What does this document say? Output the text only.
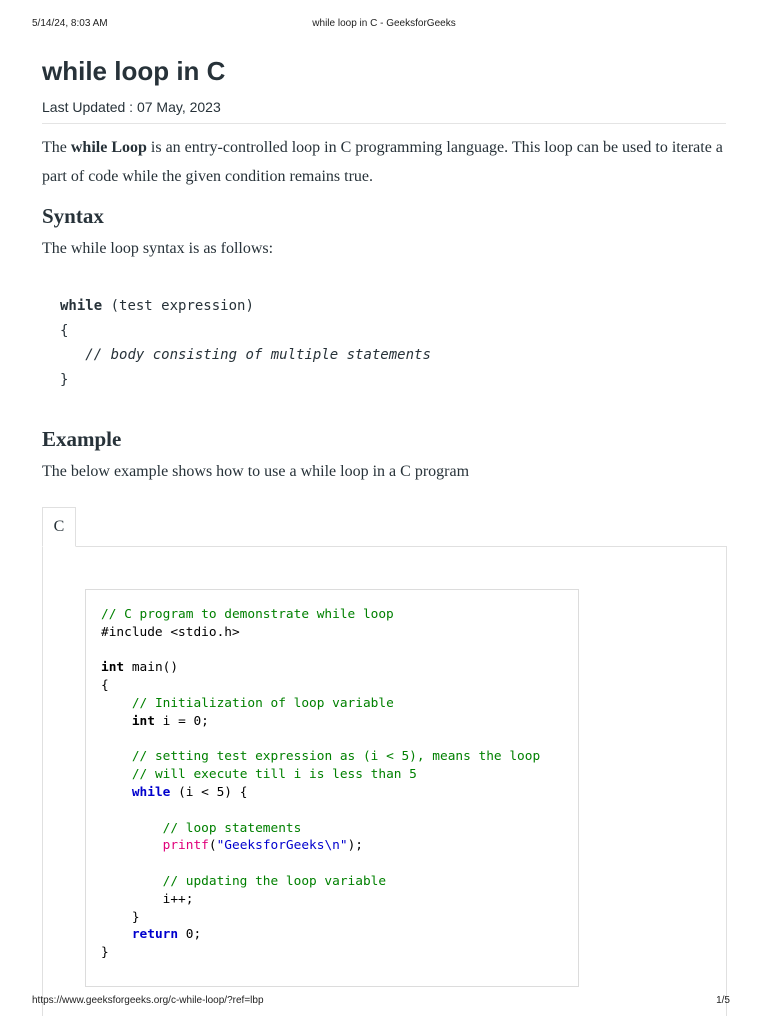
5/14/24, 8:03 AM	while loop in C - GeeksforGeeks
while loop in C
Last Updated : 07 May, 2023

The while Loop is an entry-controlled loop in C programming language. This loop can be used to iterate a part of code while the given condition remains true.

Syntax

The while loop syntax is as follows:

while (test expression)
{
// body consisting of multiple statements
}
Example

The below example shows how to use a while loop in a C program

C
// C program to demonstrate while loop
#include <stdio.h>

int main()
{
// Initialization of loop variable
int i = 0;

// setting test expression as (i < 5), means the loop
// will execute till i is less than 5
while (i < 5) {

// loop statements
printf("GeeksforGeeks\n");

// updating the loop variable
i++;
}
return 0;
}
https://www.geeksforgeeks.org/c-while-loop/?ref=lbp	1/5
